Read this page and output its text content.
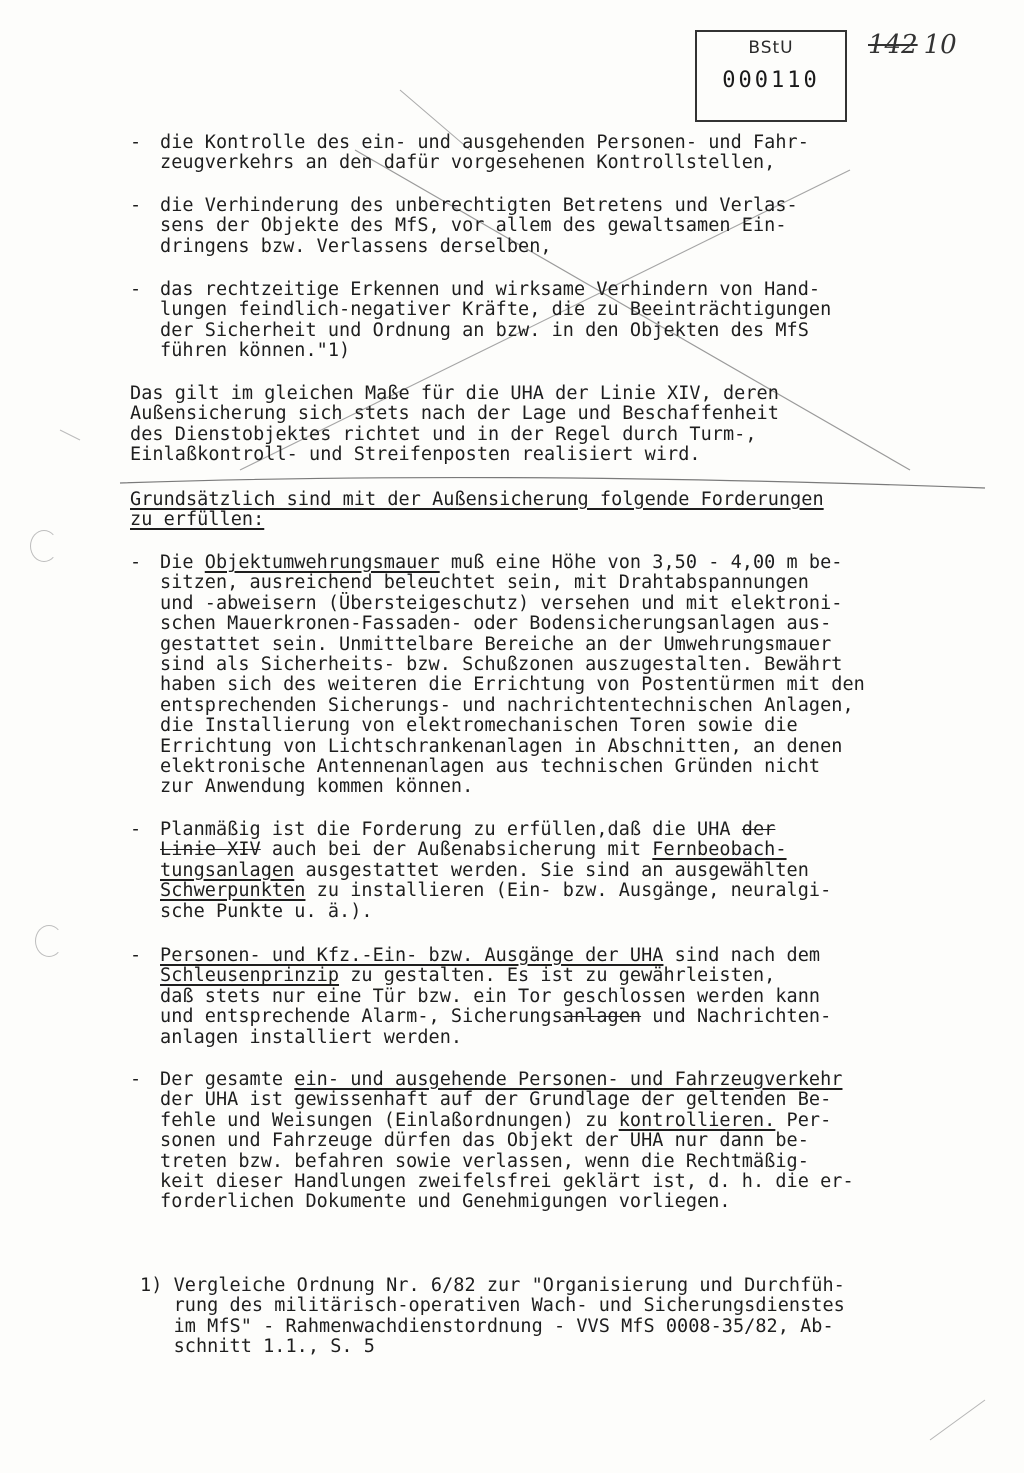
BStU
000110
142 10
- die Kontrolle des ein- und ausgehenden Personen- und Fahr-
zeugverkehrs an den dafür vorgesehenen Kontrollstellen,
- die Verhinderung des unberechtigten Betretens und Verlas-
sens der Objekte des MfS, vor allem des gewaltsamen Ein-
dringens bzw. Verlassens derselben,
- das rechtzeitige Erkennen und wirksame Verhindern von Hand-
lungen feindlich-negativer Kräfte, die zu Beeinträchtigungen
der Sicherheit und Ordnung an bzw. in den Objekten des MfS
führen können."1)
Das gilt im gleichen Maße für die UHA der Linie XIV, deren
Außensicherung sich stets nach der Lage und Beschaffenheit
des Dienstobjektes richtet und in der Regel durch Turm-,
Einlaßkontroll- und Streifenposten realisiert wird.
Grundsätzlich sind mit der Außensicherung folgende Forderungen
zu erfüllen:
- Die Objektumwehrungsmauer muß eine Höhe von 3,50 - 4,00 m be-
sitzen, ausreichend beleuchtet sein, mit Drahtabspannungen
und -abweisern (Übersteigeschutz) versehen und mit elektroni-
schen Mauerkronen-Fassaden- oder Bodensicherungsanlagen aus-
gestattet sein. Unmittelbare Bereiche an der Umwehrungsmauer
sind als Sicherheits- bzw. Schußzonen auszugestalten. Bewährt
haben sich des weiteren die Errichtung von Postentürmen mit den
entsprechenden Sicherungs- und nachrichtentechnischen Anlagen,
die Installierung von elektromechanischen Toren sowie die
Errichtung von Lichtschrankenanlagen in Abschnitten, an denen
elektronische Antennenanlagen aus technischen Gründen nicht
zur Anwendung kommen können.
- Planmäßig ist die Forderung zu erfüllen,daß die UHA der
Linie XIV auch bei der Außenabsicherung mit Fernbeobach-
tungsanlagen ausgestattet werden. Sie sind an ausgewählten
Schwerpunkten zu installieren (Ein- bzw. Ausgänge, neuralgi-
sche Punkte u. ä.).
- Personen- und Kfz.-Ein- bzw. Ausgänge der UHA sind nach dem
Schleusenprinzip zu gestalten. Es ist zu gewährleisten,
daß stets nur eine Tür bzw. ein Tor geschlossen werden kann
und entsprechende Alarm-, Sicherungsanlagen und Nachrichten-
anlagen installiert werden.
- Der gesamte ein- und ausgehende Personen- und Fahrzeugverkehr
der UHA ist gewissenhaft auf der Grundlage der geltenden Be-
fehle und Weisungen (Einlaßordnungen) zu kontrollieren. Per-
sonen und Fahrzeuge dürfen das Objekt der UHA nur dann be-
treten bzw. befahren sowie verlassen, wenn die Rechtmäßig-
keit dieser Handlungen zweifelsfrei geklärt ist, d. h. die er-
forderlichen Dokumente und Genehmigungen vorliegen.
1) Vergleiche Ordnung Nr. 6/82 zur "Organisierung und Durchfüh-
rung des militärisch-operativen Wach- und Sicherungsdienstes
im MfS" - Rahmenwachdienstordnung - VVS MfS 0008-35/82, Ab-
schnitt 1.1., S. 5
